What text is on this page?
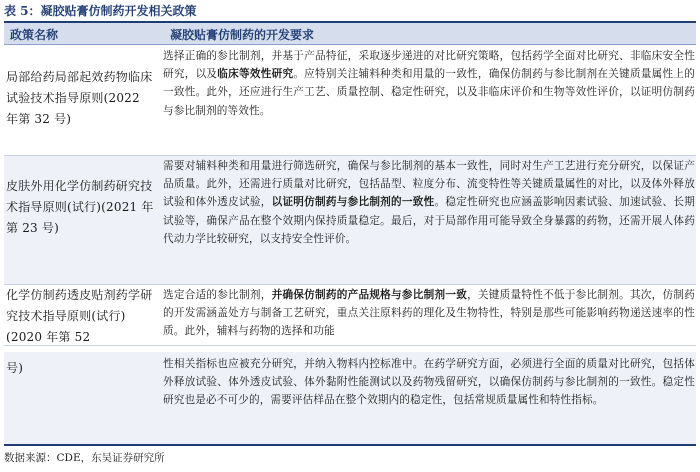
表 5：凝胶贴膏仿制药开发相关政策
政策名称	凝胶贴膏仿制药的开发要求
局部给药局部起效药物临床试验技术指导原则(2022 年第 32 号)
选择正确的参比制剂，并基于产品特征，采取逐步递进的对比研究策略，包括药学全面对比研究、非临床安全性研究，以及临床等效性研究。应特别关注辅料种类和用量的一致性，确保仿制药与参比制剂在关键质量属性上的一致性。此外，还应进行生产工艺、质量控制、稳定性研究，以及非临床评价和生物等效性评价，以证明仿制药与参比制剂的等效性。
皮肤外用化学仿制药研究技术指导原则(试行)(2021 年第 23 号)
需要对辅料种类和用量进行筛选研究，确保与参比制剂的基本一致性，同时对生产工艺进行充分研究，以保证产品质量。此外，还需进行质量对比研究，包括晶型、粒度分布、流变特性等关键质量属性的对比，以及体外释放试验和体外透皮试验，以证明仿制药与参比制剂的一致性。稳定性研究也应涵盖影响因素试验、加速试验、长期试验等，确保产品在整个效期内保持质量稳定。最后，对于局部作用可能导致全身暴露的药物，还需开展人体药代动力学比较研究，以支持安全性评价。
化学仿制药透皮贴剂药学研究技术指导原则(试行)(2020 年第 52
选定合适的参比制剂，并确保仿制药的产品规格与参比制剂一致，关键质量特性不低于参比制剂。其次，仿制药的开发需涵盖处方与制备工艺研究，重点关注原料药的理化及生物特性，特别是那些可能影响药物递送速率的性质。此外，辅料与药物的选择和功能
号)	性相关指标也应被充分研究，并纳入物料内控标准中。在药学研究方面，必须进行全面的质量对比研究，包括体外释放试验、体外透皮试验、体外黏附性能测试以及药物残留研究，以确保仿制药与参比制剂的一致性。稳定性研究也是必不可少的，需要评估样品在整个效期内的稳定性，包括常规质量属性和特性指标。
数据来源：CDE，东吴证券研究所
